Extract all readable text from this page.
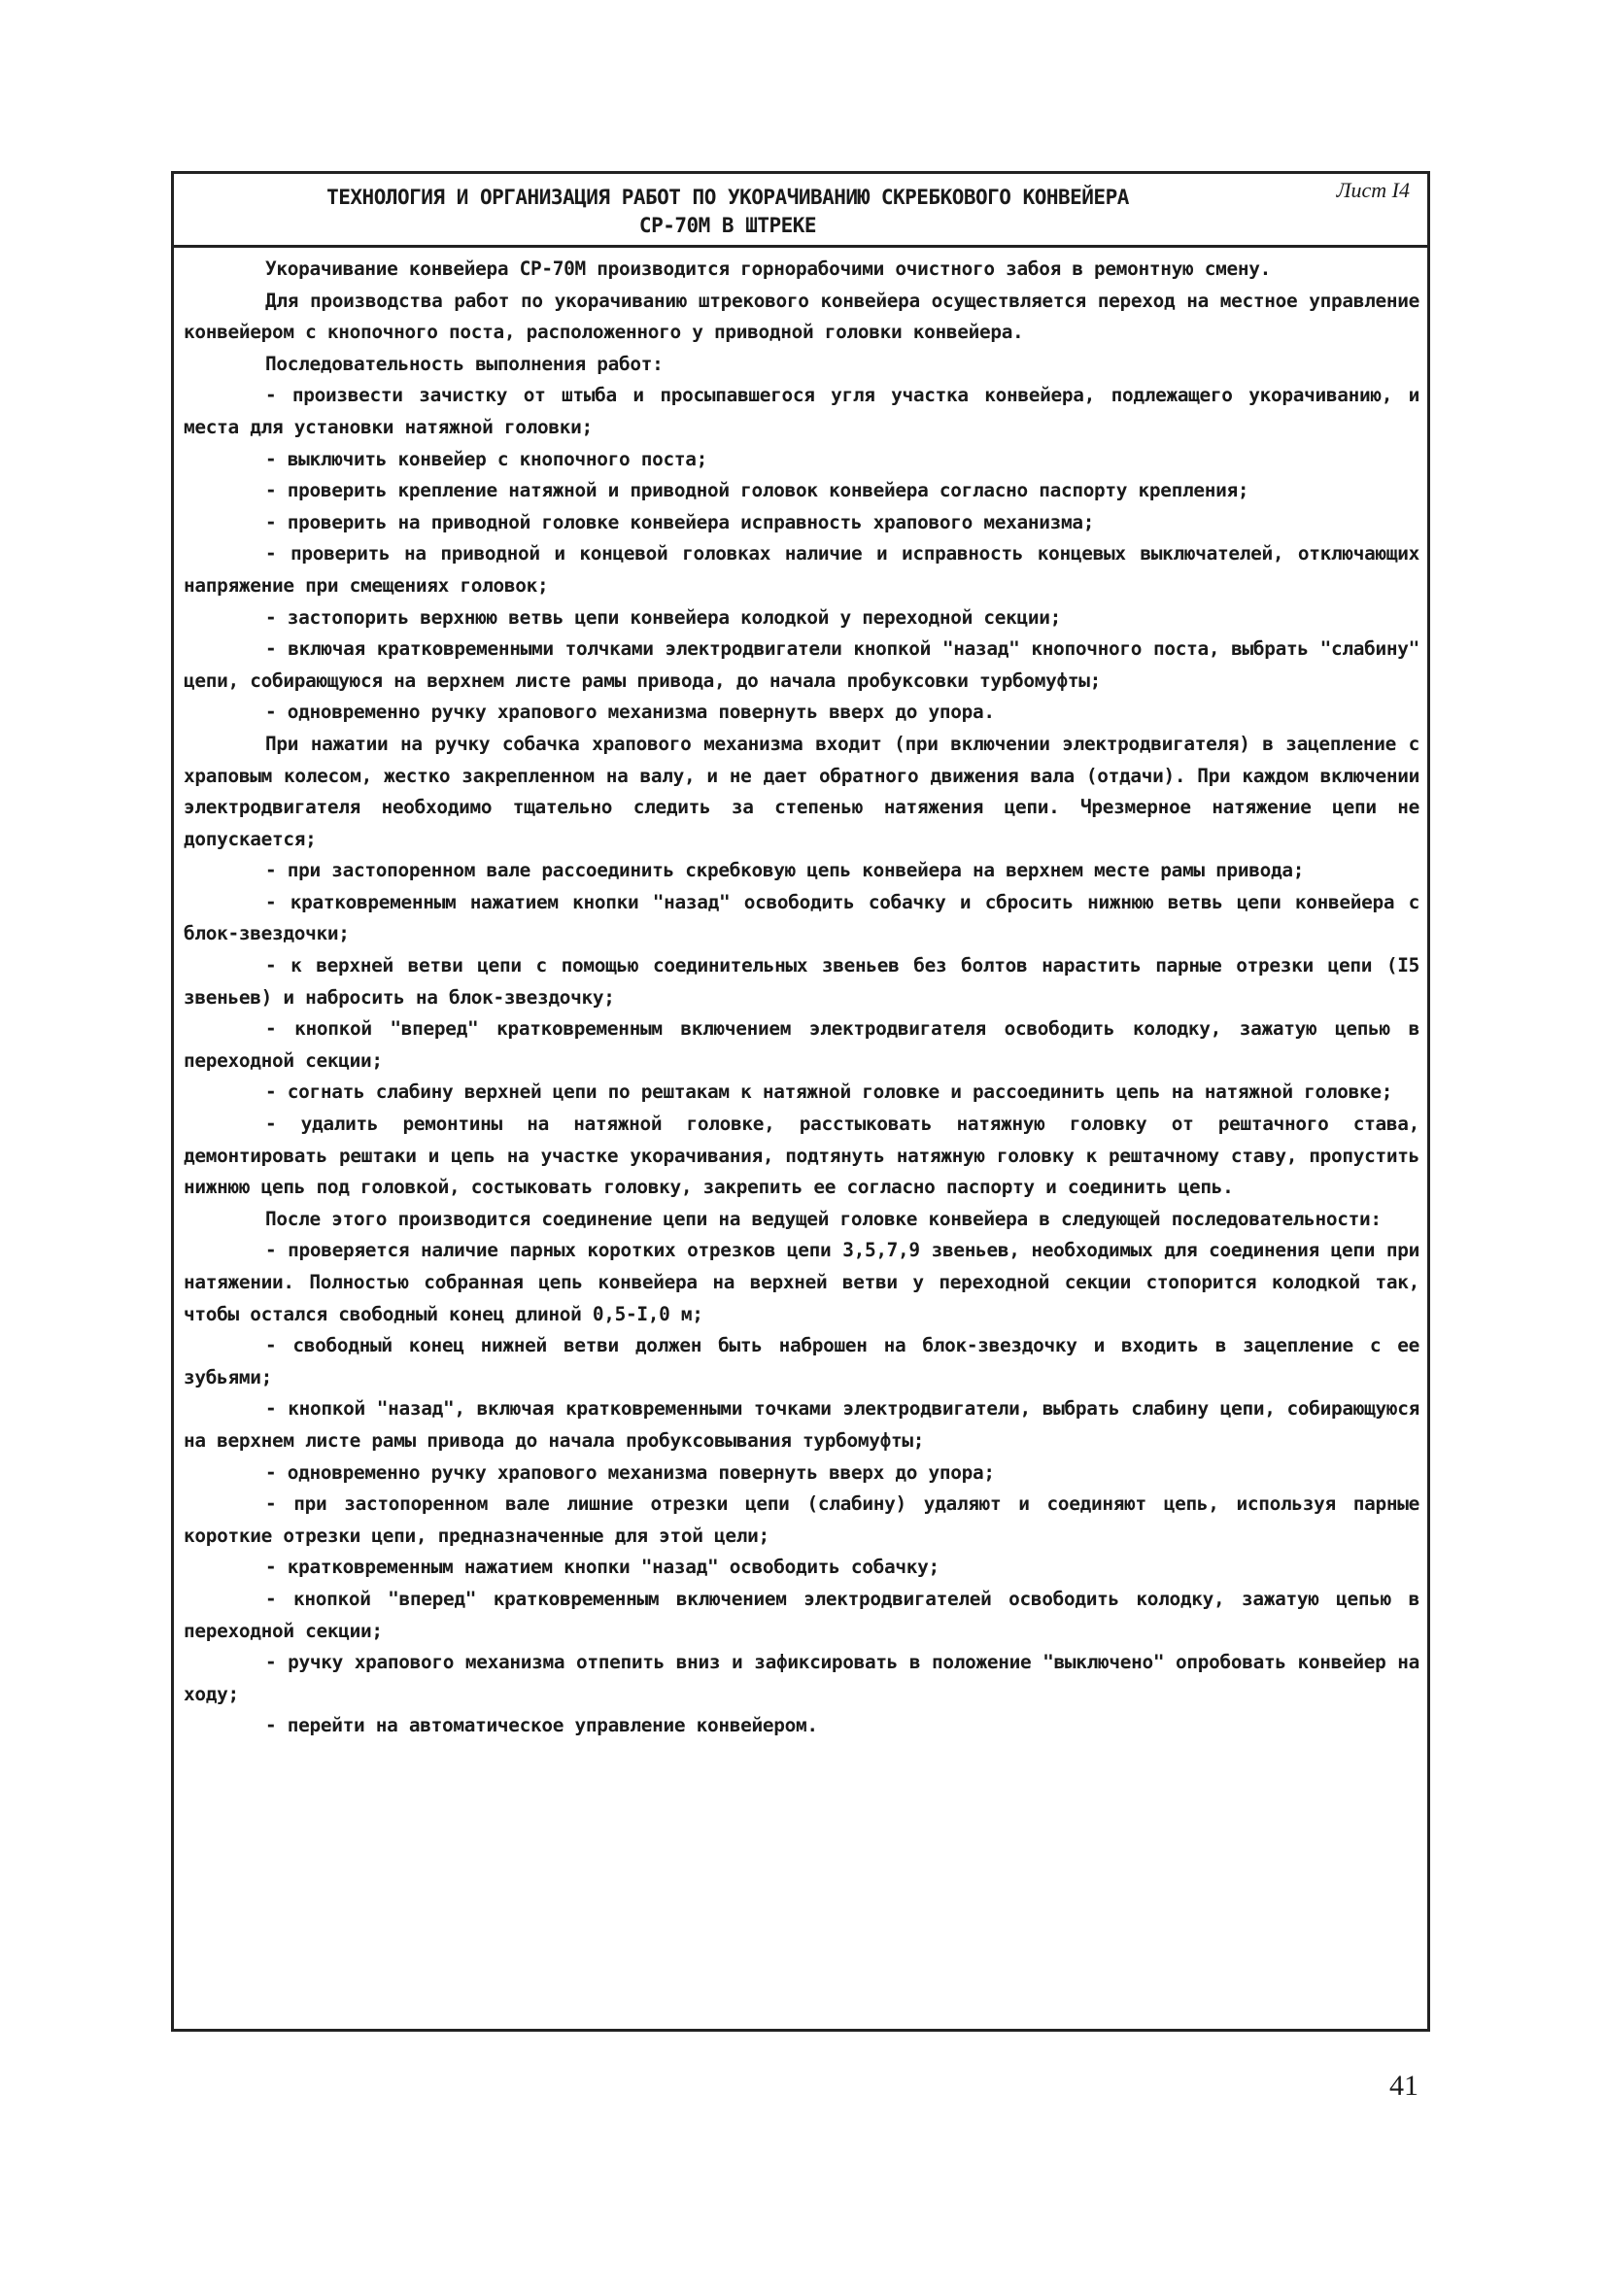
ТЕХНОЛОГИЯ И ОРГАНИЗАЦИЯ РАБОТ ПО УКОРАЧИВАНИЮ СКРЕБКОВОГО КОНВЕЙЕРА
СР-70М В ШТРЕКЕ
Лист I4
Укорачивание конвейера СР-70М производится горнорабочими очистного забоя в ремонтную смену.
Для производства работ по укорачиванию штрекового конвейера осуществляется переход на местное управление конвейером с кнопочного поста, расположенного у приводной головки конвейера.
Последовательность выполнения работ:
- произвести зачистку от штыба и просыпавшегося угля участка конвейера, подлежащего укорачиванию, и места для установки натяжной головки;
- выключить конвейер с кнопочного поста;
- проверить крепление натяжной и приводной головок конвейера согласно паспорту крепления;
- проверить на приводной головке конвейера исправность храпового механизма;
- проверить на приводной и концевой головках наличие и исправность концевых выключателей, отключающих напряжение при смещениях головок;
- застопорить верхнюю ветвь цепи конвейера колодкой у переходной секции;
- включая кратковременными толчками электродвигатели кнопкой "назад" кнопочного поста, выбрать "слабину" цепи, собирающуюся на верхнем листе рамы привода, до начала пробуксовки турбомуфты;
- одновременно ручку храпового механизма повернуть вверх до упора.
При нажатии на ручку собачка храпового механизма входит (при включении электродвигателя) в зацепление с храповым колесом, жестко закрепленном на валу, и не дает обратного движения вала (отдачи). При каждом включении электродвигателя необходимо тщательно следить за степенью натяжения цепи. Чрезмерное натяжение цепи не допускается;
- при застопоренном вале рассоединить скребковую цепь конвейера на верхнем месте рамы привода;
- кратковременным нажатием кнопки "назад" освободить собачку и сбросить нижнюю ветвь цепи конвейера с блок-звездочки;
- к верхней ветви цепи с помощью соединительных звеньев без болтов нарастить парные отрезки цепи (I5 звеньев) и набросить на блок-звездочку;
- кнопкой "вперед" кратковременным включением электродвигателя освободить колодку, зажатую цепью в переходной секции;
- согнать слабину верхней цепи по рештакам к натяжной головке и рассоединить цепь на натяжной головке;
- удалить ремонтины на натяжной головке, расстыковать натяжную головку от рештачного става, демонтировать рештаки и цепь на участке укорачивания, подтянуть натяжную головку к рештачному ставу, пропустить нижнюю цепь под головкой, состыковать головку, закрепить ее согласно паспорту и соединить цепь.
После этого производится соединение цепи на ведущей головке конвейера в следующей последовательности:
- проверяется наличие парных коротких отрезков цепи 3,5,7,9 звеньев, необходимых для соединения цепи при натяжении. Полностью собранная цепь конвейера на верхней ветви у переходной секции стопорится колодкой так, чтобы остался свободный конец длиной 0,5-I,0 м;
- свободный конец нижней ветви должен быть наброшен на блок-звездочку и входить в зацепление с ее зубьями;
- кнопкой "назад", включая кратковременными точками электродвигатели, выбрать слабину цепи, собирающуюся на верхнем листе рамы привода до начала пробуксовывания турбомуфты;
- одновременно ручку храпового механизма повернуть вверх до упора;
- при застопоренном вале лишние отрезки цепи (слабину) удаляют и соединяют цепь, используя парные короткие отрезки цепи, предназначенные для этой цели;
- кратковременным нажатием кнопки "назад" освободить собачку;
- кнопкой "вперед" кратковременным включением электродвигателей освободить колодку, зажатую цепью в переходной секции;
- ручку храпового механизма отпепить вниз и зафиксировать в положение "выключено" опробовать конвейер на ходу;
- перейти на автоматическое управление конвейером.
41
